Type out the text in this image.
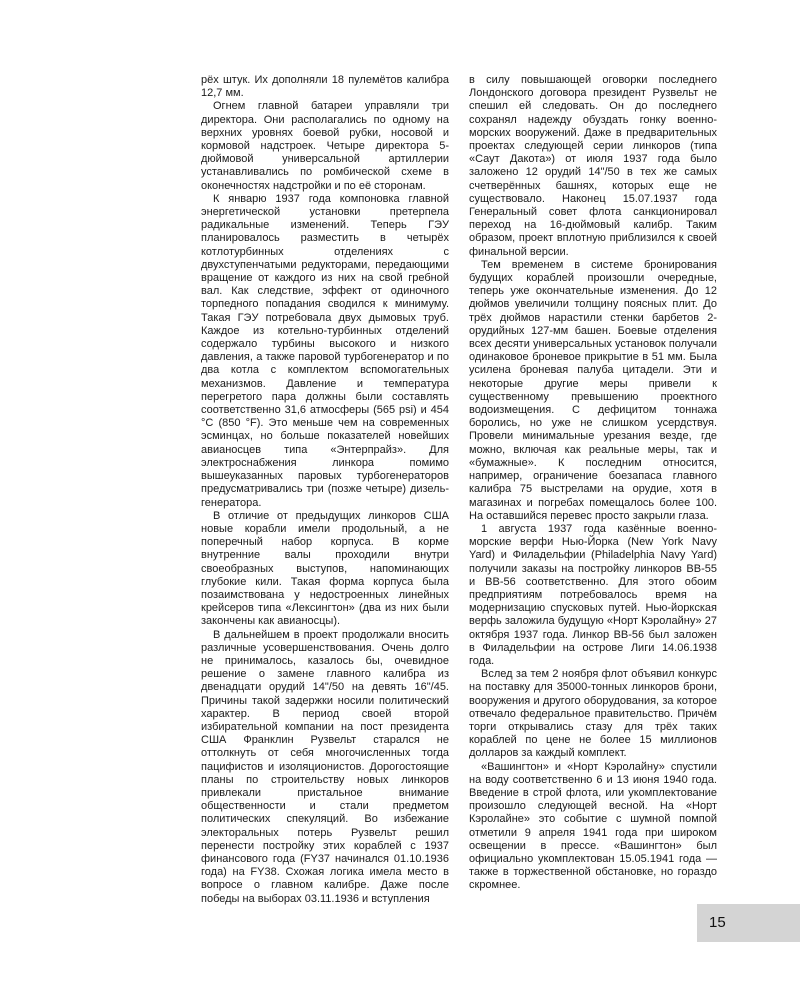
рёх штук. Их дополняли 18 пулемётов калибра 12,7 мм.

Огнем главной батареи управляли три директора. Они располагались по одному на верхних уровнях боевой рубки, носовой и кормовой надстроек. Четыре директора 5-дюймовой универсальной артиллерии устанавливались по ромбической схеме в оконечностях надстройки и по её сторонам.

К январю 1937 года компоновка главной энергетической установки претерпела радикальные изменений. Теперь ГЭУ планировалось разместить в четырёх котлотурбинных отделениях с двухступенчатыми редукторами, передающими вращение от каждого из них на свой гребной вал. Как следствие, эффект от одиночного торпедного попадания сводился к минимуму. Такая ГЭУ потребовала двух дымовых труб. Каждое из котельно-турбинных отделений содержало турбины высокого и низкого давления, а также паровой турбогенератор и по два котла с комплектом вспомогательных механизмов. Давление и температура перегретого пара должны были составлять соответственно 31,6 атмосферы (565 psi) и 454 °C (850 °F). Это меньше чем на современных эсминцах, но больше показателей новейших авианосцев типа «Энтерпрайз». Для электроснабжения линкора помимо вышеуказанных паровых турбогенераторов предусматривались три (позже четыре) дизель-генератора.

В отличие от предыдущих линкоров США новые корабли имели продольный, а не поперечный набор корпуса. В корме внутренние валы проходили внутри своеобразных выступов, напоминающих глубокие кили. Такая форма корпуса была позаимствована у недостроенных линейных крейсеров типа «Лексингтон» (два из них были закончены как авианосцы).

В дальнейшем в проект продолжали вносить различные усовершенствования. Очень долго не принималось, казалось бы, очевидное решение о замене главного калибра из двенадцати орудий 14"/50 на девять 16"/45. Причины такой задержки носили политический характер. В период своей второй избирательной компании на пост президента США Франклин Рузвельт старался не оттолкнуть от себя многочисленных тогда пацифистов и изоляционистов. Дорогостоящие планы по строительству новых линкоров привлекали пристальное внимание общественности и стали предметом политических спекуляций. Во избежание электоральных потерь Рузвельт решил перенести постройку этих кораблей с 1937 финансового года (FY37 начинался 01.10.1936 года) на FY38. Схожая логика имела место в вопросе о главном калибре. Даже после победы на выборах 03.11.1936 и вступления

в силу повышающей оговорки последнего Лондонского договора президент Рузвельт не спешил ей следовать. Он до последнего сохранял надежду обуздать гонку военно-морских вооружений. Даже в предварительных проектах следующей серии линкоров (типа «Саут Дакота») от июля 1937 года было заложено 12 орудий 14"/50 в тех же самых счетверённых башнях, которых еще не существовало. Наконец 15.07.1937 года Генеральный совет флота санкционировал переход на 16-дюймовый калибр. Таким образом, проект вплотную приблизился к своей финальной версии.

Тем временем в системе бронирования будущих кораблей произошли очередные, теперь уже окончательные изменения. До 12 дюймов увеличили толщину поясных плит. До трёх дюймов нарастили стенки барбетов 2-орудийных 127-мм башен. Боевые отделения всех десяти универсальных установок получали одинаковое броневое прикрытие в 51 мм. Была усилена броневая палуба цитадели. Эти и некоторые другие меры привели к существенному превышению проектного водоизмещения. С дефицитом тоннажа боролись, но уже не слишком усердствуя. Провели минимальные урезания везде, где можно, включая как реальные меры, так и «бумажные». К последним относится, например, ограничение боезапаса главного калибра 75 выстрелами на орудие, хотя в магазинах и погребах помещалось более 100. На оставшийся перевес просто закрыли глаза.

1 августа 1937 года казённые военно-морские верфи Нью-Йорка (New York Navy Yard) и Филадельфии (Philadelphia Navy Yard) получили заказы на постройку линкоров ВВ-55 и ВВ-56 соответственно. Для этого обоим предприятиям потребовалось время на модернизацию спусковых путей. Нью-йоркская верфь заложила будущую «Норт Кэролайну» 27 октября 1937 года. Линкор ВВ-56 был заложен в Филадельфии на острове Лиги 14.06.1938 года.

Вслед за тем 2 ноября флот объявил конкурс на поставку для 35000-тонных линкоров брони, вооружения и другого оборудования, за которое отвечало федеральное правительство. Причём торги открывались стазу для трёх таких кораблей по цене не более 15 миллионов долларов за каждый комплект.

«Вашингтон» и «Норт Кэролайну» спустили на воду соответственно 6 и 13 июня 1940 года. Введение в строй флота, или укомплектование произошло следующей весной. На «Норт Кэролайне» это событие с шумной помпой отметили 9 апреля 1941 года при широком освещении в прессе. «Вашингтон» был официально укомплектован 15.05.1941 года — также в торжественной обстановке, но гораздо скромнее.

15
